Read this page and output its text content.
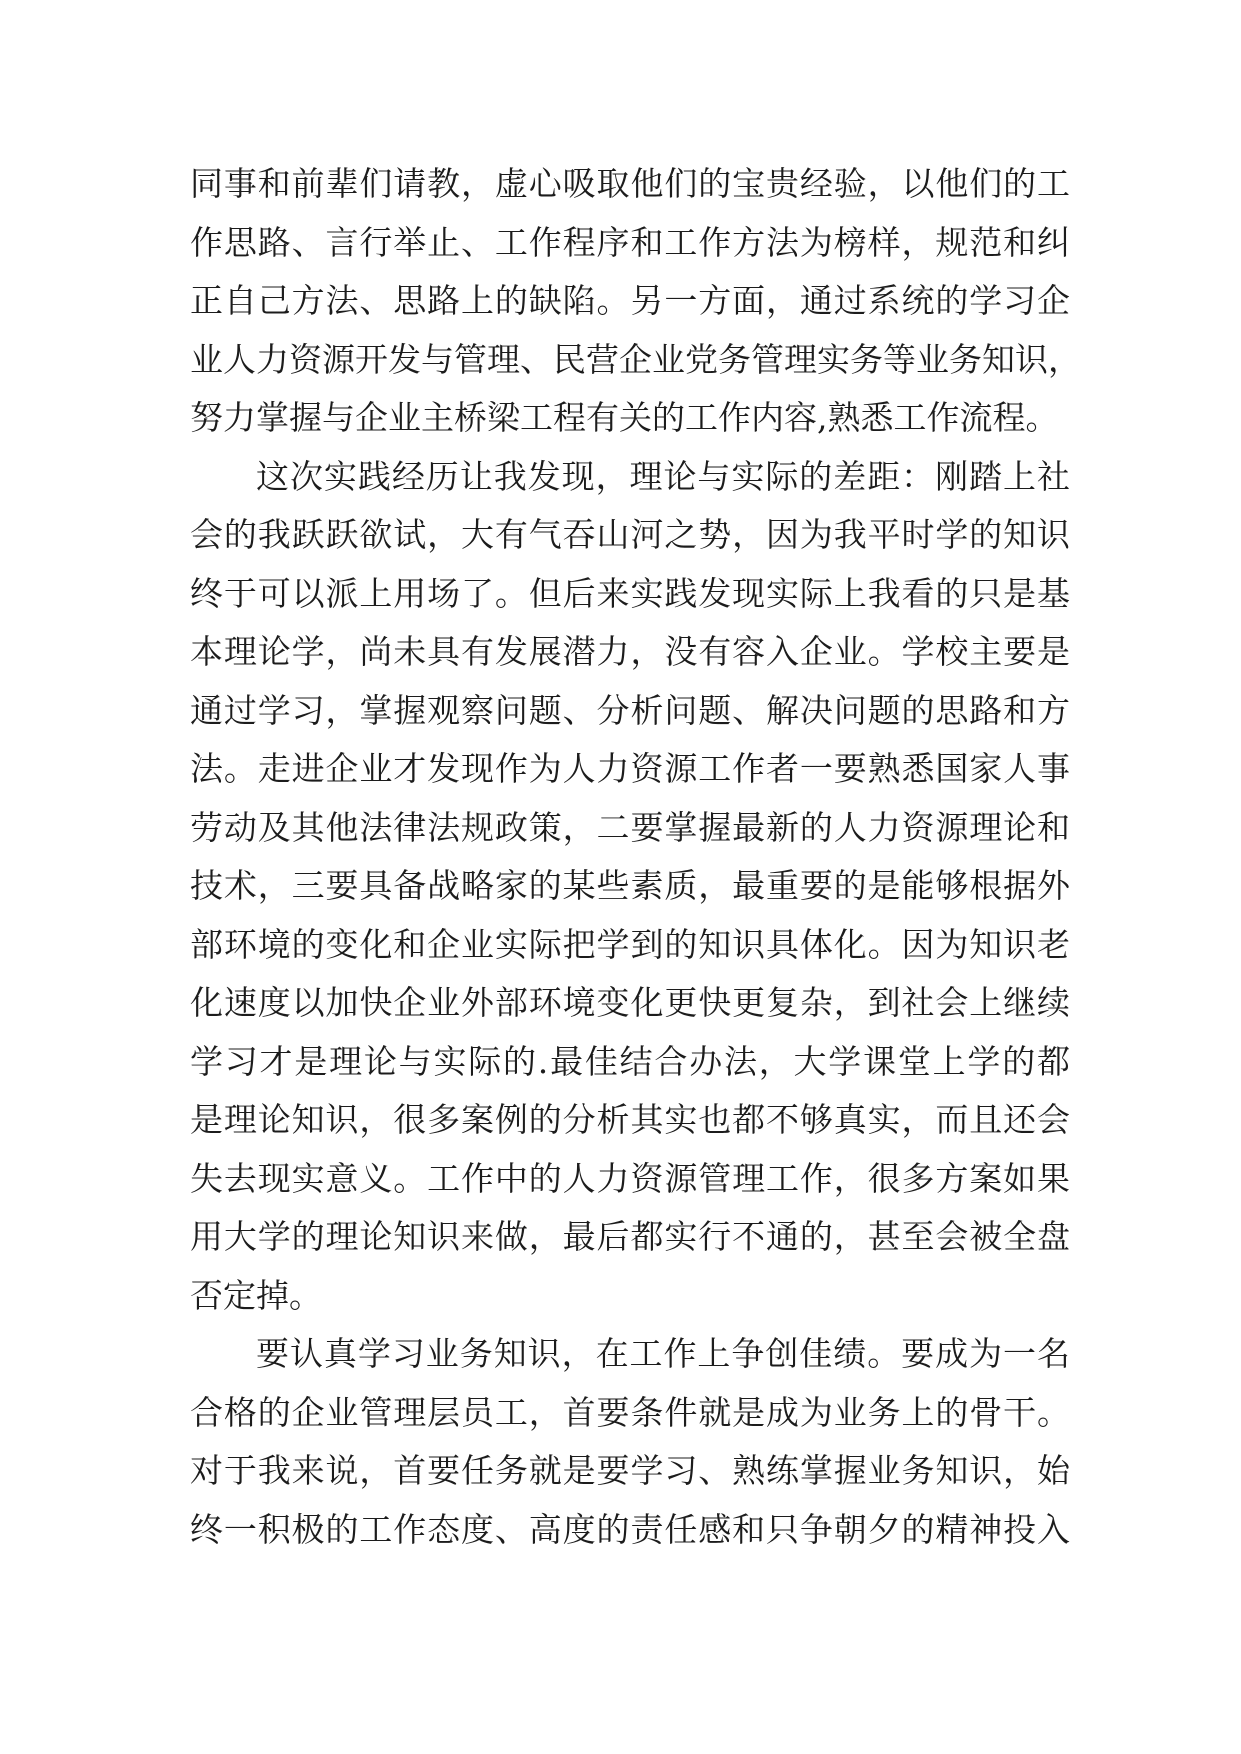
同事和前辈们请教，虚心吸取他们的宝贵经验，以他们的工
作思路、言行举止、工作程序和工作方法为榜样，规范和纠
正自己方法、思路上的缺陷。另一方面，通过系统的学习企
业人力资源开发与管理、民营企业党务管理实务等业务知识，
努力掌握与企业主桥梁工程有关的工作内容,熟悉工作流程。
这次实践经历让我发现，理论与实际的差距：刚踏上社
会的我跃跃欲试，大有气吞山河之势，因为我平时学的知识
终于可以派上用场了。但后来实践发现实际上我看的只是基
本理论学，尚未具有发展潜力，没有容入企业。学校主要是
通过学习，掌握观察问题、分析问题、解决问题的思路和方
法。走进企业才发现作为人力资源工作者一要熟悉国家人事
劳动及其他法律法规政策，二要掌握最新的人力资源理论和
技术，三要具备战略家的某些素质，最重要的是能够根据外
部环境的变化和企业实际把学到的知识具体化。因为知识老
化速度以加快企业外部环境变化更快更复杂，到社会上继续
学习才是理论与实际的.最佳结合办法，大学课堂上学的都
是理论知识，很多案例的分析其实也都不够真实，而且还会
失去现实意义。工作中的人力资源管理工作，很多方案如果
用大学的理论知识来做，最后都实行不通的，甚至会被全盘
否定掉。
要认真学习业务知识，在工作上争创佳绩。要成为一名
合格的企业管理层员工，首要条件就是成为业务上的骨干。
对于我来说，首要任务就是要学习、熟练掌握业务知识，始
终一积极的工作态度、高度的责任感和只争朝夕的精神投入
